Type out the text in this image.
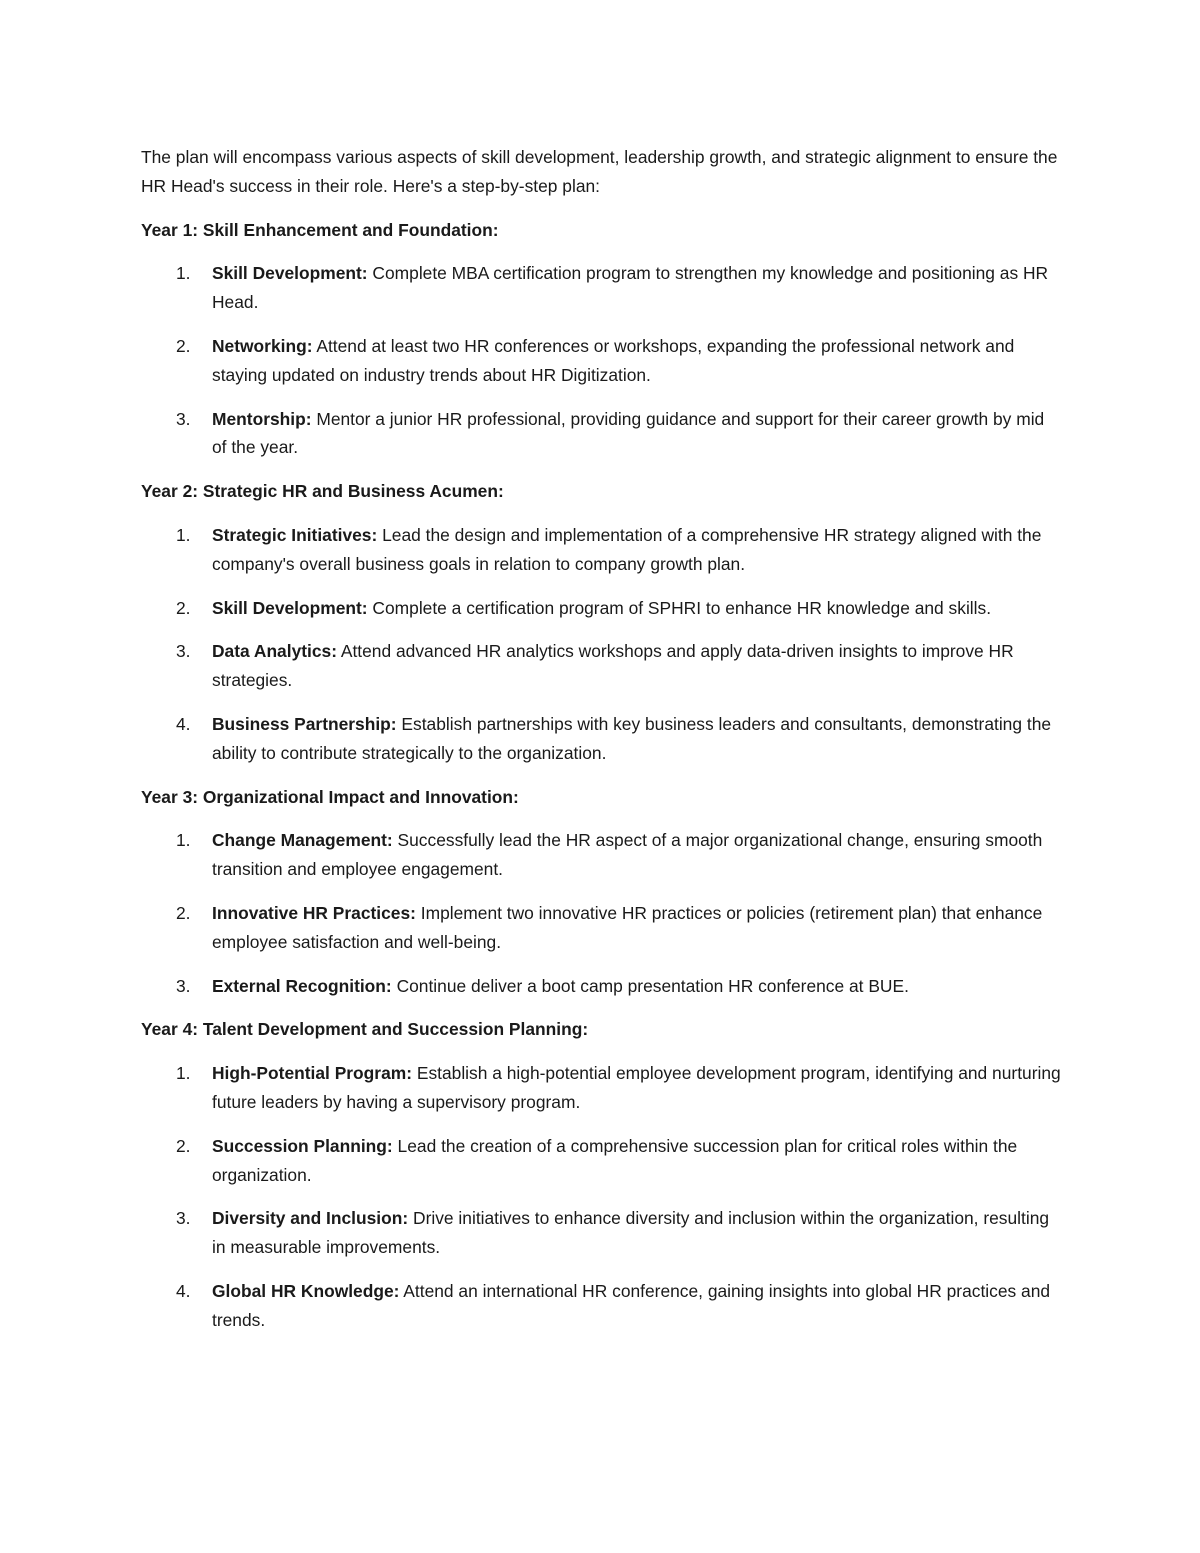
The plan will encompass various aspects of skill development, leadership growth, and strategic alignment to ensure the HR Head's success in their role. Here's a step-by-step plan:

Year 1: Skill Enhancement and Foundation:

1. Skill Development: Complete MBA certification program to strengthen my knowledge and positioning as HR Head.
2. Networking: Attend at least two HR conferences or workshops, expanding the professional network and staying updated on industry trends about HR Digitization.
3. Mentorship: Mentor a junior HR professional, providing guidance and support for their career growth by mid of the year.

Year 2: Strategic HR and Business Acumen:

1. Strategic Initiatives: Lead the design and implementation of a comprehensive HR strategy aligned with the company's overall business goals in relation to company growth plan.
2. Skill Development: Complete a certification program of SPHRI to enhance HR knowledge and skills.
3. Data Analytics: Attend advanced HR analytics workshops and apply data-driven insights to improve HR strategies.
4. Business Partnership: Establish partnerships with key business leaders and consultants, demonstrating the ability to contribute strategically to the organization.

Year 3: Organizational Impact and Innovation:

1. Change Management: Successfully lead the HR aspect of a major organizational change, ensuring smooth transition and employee engagement.
2. Innovative HR Practices: Implement two innovative HR practices or policies (retirement plan) that enhance employee satisfaction and well-being.
3. External Recognition: Continue deliver a boot camp presentation HR conference at BUE.

Year 4: Talent Development and Succession Planning:

1. High-Potential Program: Establish a high-potential employee development program, identifying and nurturing future leaders by having a supervisory program.
2. Succession Planning: Lead the creation of a comprehensive succession plan for critical roles within the organization.
3. Diversity and Inclusion: Drive initiatives to enhance diversity and inclusion within the organization, resulting in measurable improvements.
4. Global HR Knowledge: Attend an international HR conference, gaining insights into global HR practices and trends.
